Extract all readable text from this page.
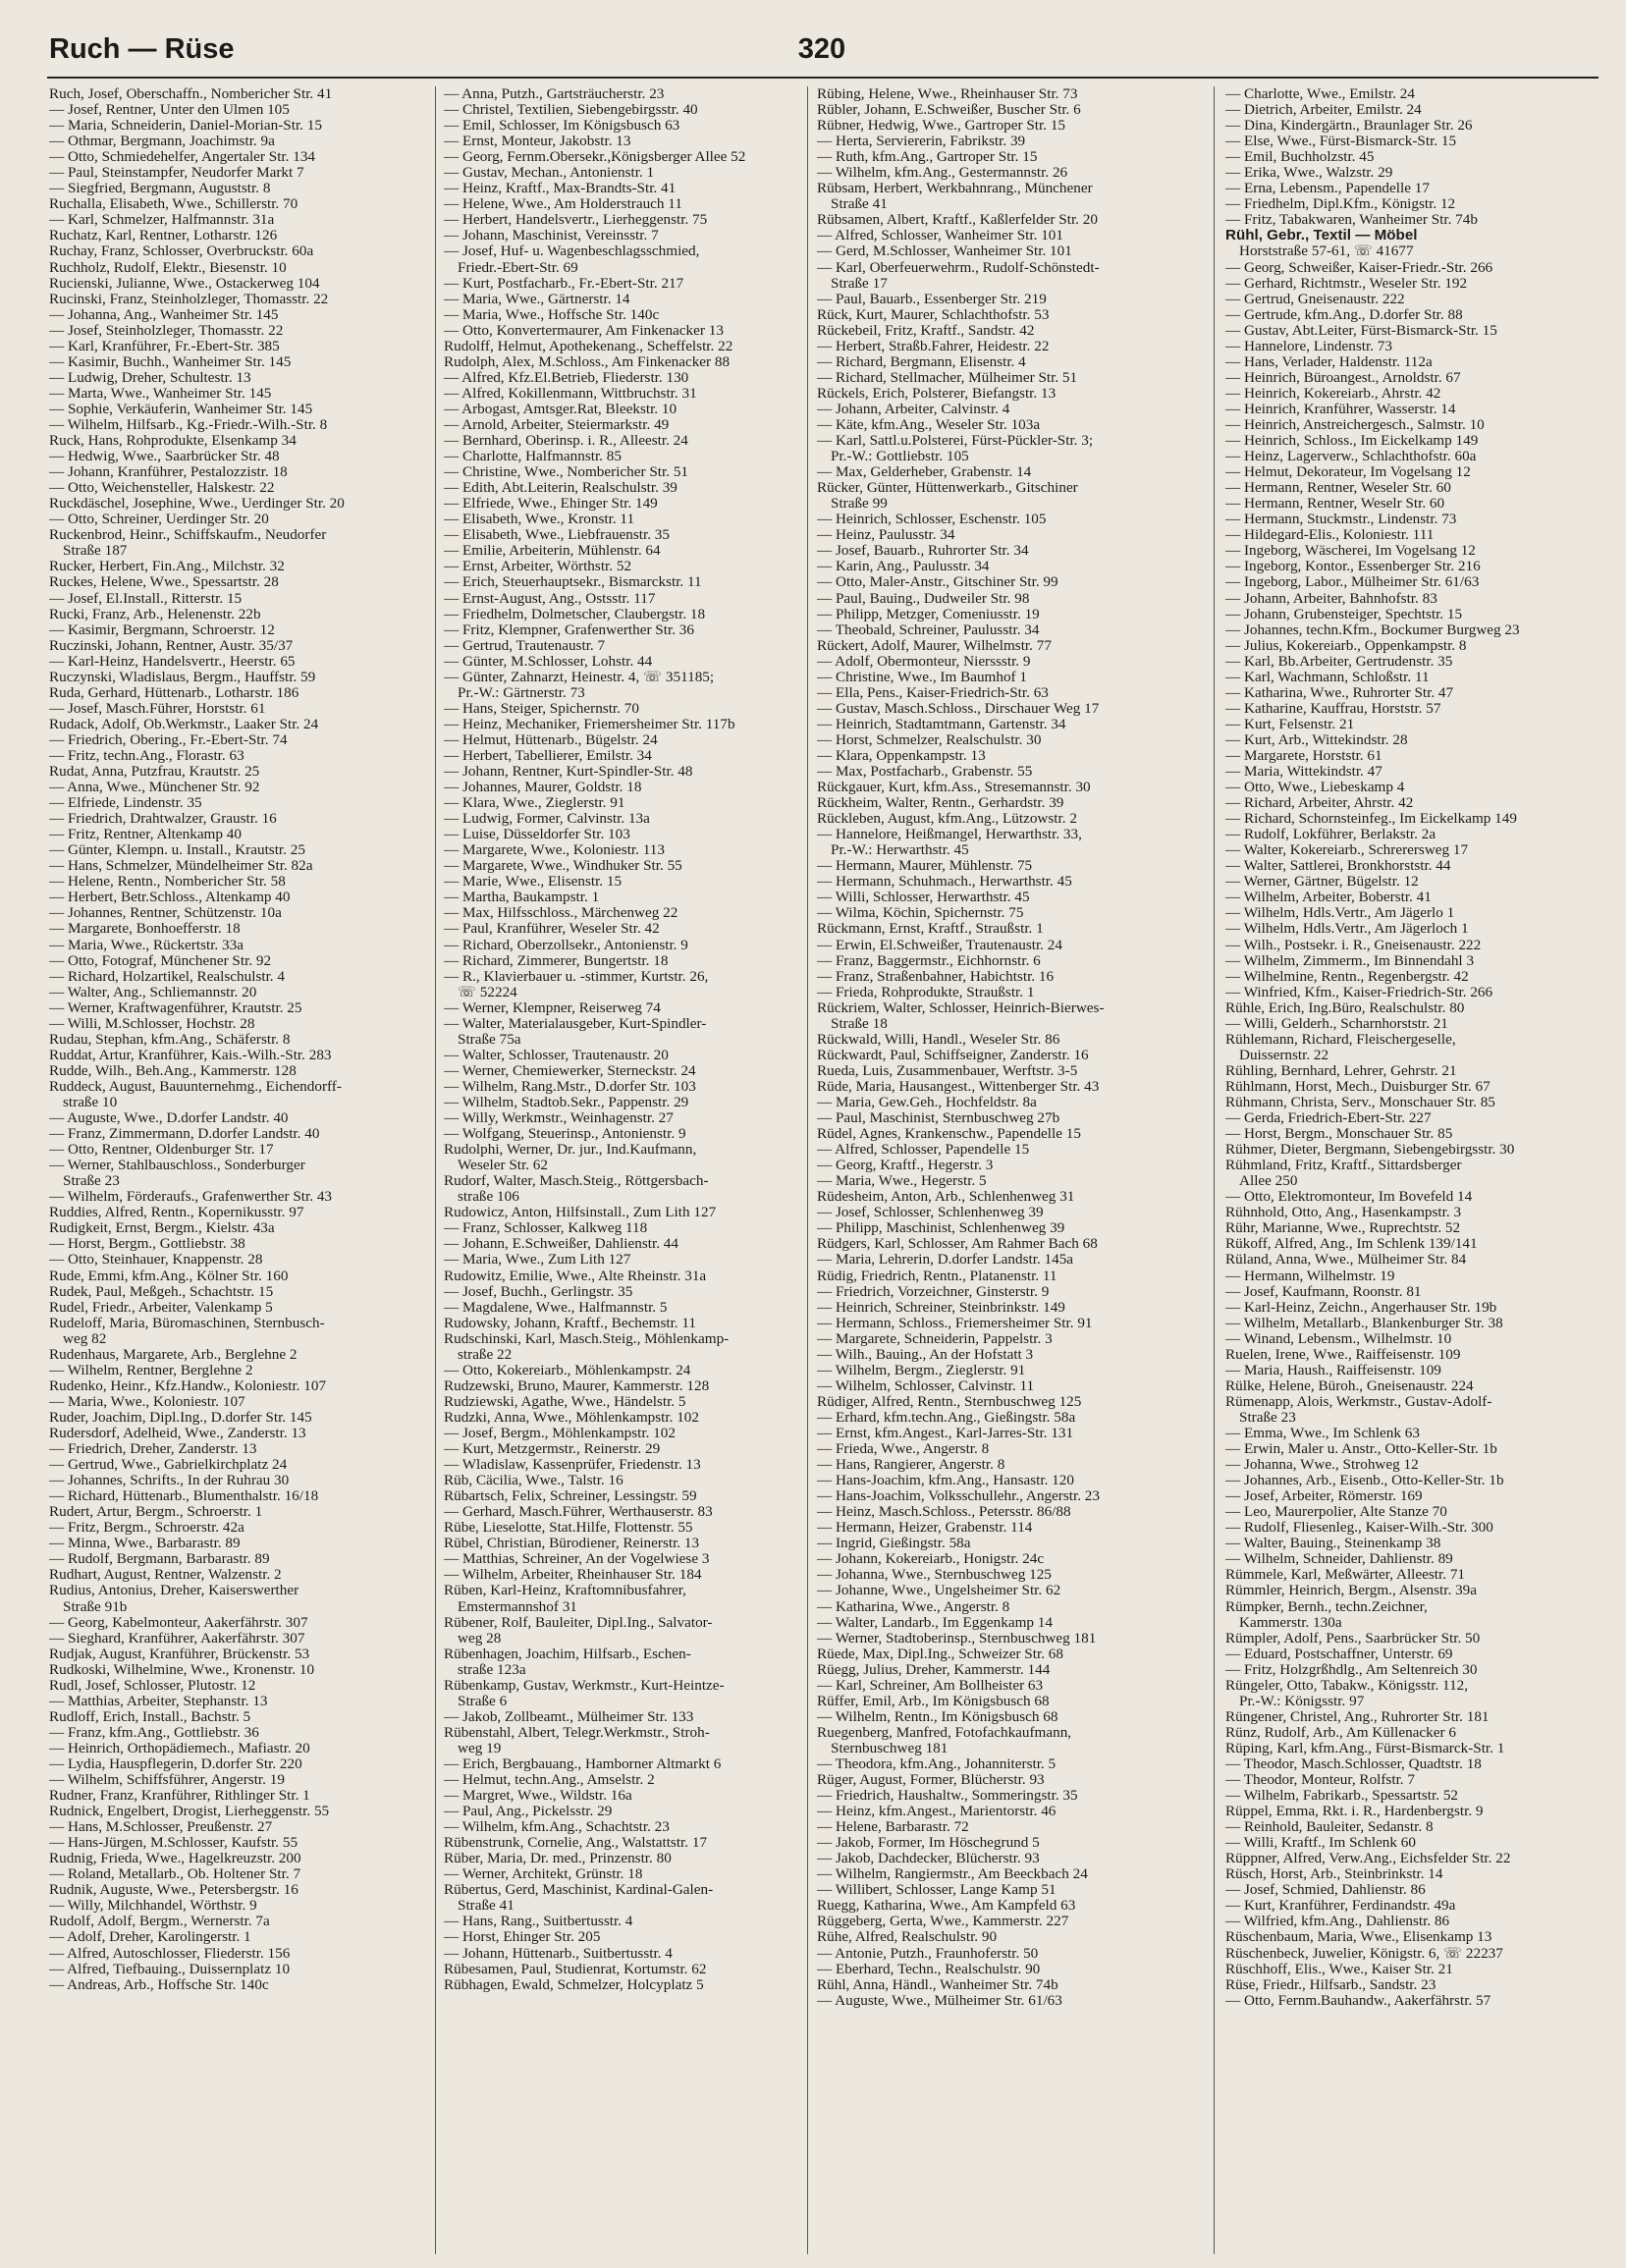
Ruch — Rüse	320
Ruch, Josef, Oberschaffn., Nombericher Str. 41
— Josef, Rentner, Unter den Ulmen 105
— Maria, Schneiderin, Daniel-Morian-Str. 15
— Othmar, Bergmann, Joachimstr. 9a
— Otto, Schmiedehelfer, Angertaler Str. 134
— Paul, Steinstampfer, Neudorfer Markt 7
— Siegfried, Bergmann, Auguststr. 8
Ruchalla, Elisabeth, Wwe., Schillerstr. 70
— Karl, Schmelzer, Halfmannstr. 31a
Ruchatz, Karl, Rentner, Lotharstr. 126
Ruchay, Franz, Schlosser, Overbruckstr. 60a
Ruchholz, Rudolf, Elektr., Biesenstr. 10
Rucienski, Julianne, Wwe., Ostackerweg 104
Rucinski, Franz, Steinholzleger, Thomasstr. 22
— Johanna, Ang., Wanheimer Str. 145
— Josef, Steinholzleger, Thomasstr. 22
— Karl, Kranführer, Fr.-Ebert-Str. 385
— Kasimir, Buchh., Wanheimer Str. 145
— Ludwig, Dreher, Schultestr. 13
— Marta, Wwe., Wanheimer Str. 145
— Sophie, Verkäuferin, Wanheimer Str. 145
— Wilhelm, Hilfsarb., Kg.-Friedr.-Wilh.-Str. 8
Ruck, Hans, Rohprodukte, Elsenkamp 34
— Hedwig, Wwe., Saarbrücker Str. 48
— Johann, Kranführer, Pestalozzistr. 18
— Otto, Weichensteller, Halskestr. 22
Ruckdäschel, Josephine, Wwe., Uerdinger Str. 20
— Otto, Schreiner, Uerdinger Str. 20
Ruckenbrod, Heinr., Schiffskaufm., Neudorfer
Straße 187
Rucker, Herbert, Fin.Ang., Milchstr. 32
Ruckes, Helene, Wwe., Spessartstr. 28
— Josef, El.Install., Ritterstr. 15
Rucki, Franz, Arb., Helenenstr. 22b
— Kasimir, Bergmann, Schroerstr. 12
Ruczinski, Johann, Rentner, Austr. 35/37
— Karl-Heinz, Handelsvertr., Heerstr. 65
Ruczynski, Wladislaus, Bergm., Hauffstr. 59
Ruda, Gerhard, Hüttenarb., Lotharstr. 186
— Josef, Masch.Führer, Horststr. 61
Rudack, Adolf, Ob.Werkmstr., Laaker Str. 24
— Friedrich, Obering., Fr.-Ebert-Str. 74
— Fritz, techn.Ang., Florastr. 63
Rudat, Anna, Putzfrau, Krautstr. 25
— Anna, Wwe., Münchener Str. 92
— Elfriede, Lindenstr. 35
— Friedrich, Drahtwalzer, Graustr. 16
— Fritz, Rentner, Altenkamp 40
— Günter, Klempn. u. Install., Krautstr. 25
— Hans, Schmelzer, Mündelheimer Str. 82a
— Helene, Rentn., Nombericher Str. 58
— Herbert, Betr.Schloss., Altenkamp 40
— Johannes, Rentner, Schützenstr. 10a
— Margarete, Bonhoefferstr. 18
— Maria, Wwe., Rückertstr. 33a
— Otto, Fotograf, Münchener Str. 92
— Richard, Holzartikel, Realschulstr. 4
— Walter, Ang., Schliemannstr. 20
— Werner, Kraftwagenführer, Krautstr. 25
— Willi, M.Schlosser, Hochstr. 28
Rudau, Stephan, kfm.Ang., Schäferstr. 8
Ruddat, Artur, Kranführer, Kais.-Wilh.-Str. 283
Rudde, Wilh., Beh.Ang., Kammerstr. 128
Ruddeck, August, Bauunternehmg., Eichendorff-
straße 10
— Auguste, Wwe., D.dorfer Landstr. 40
— Franz, Zimmermann, D.dorfer Landstr. 40
— Otto, Rentner, Oldenburger Str. 17
— Werner, Stahlbauschloss., Sonderburger
Straße 23
— Wilhelm, Förderaufs., Grafenwerther Str. 43
Ruddies, Alfred, Rentn., Kopernikusstr. 97
Rudigkeit, Ernst, Bergm., Kielstr. 43a
— Horst, Bergm., Gottliebstr. 38
— Otto, Steinhauer, Knappenstr. 28
Rude, Emmi, kfm.Ang., Kölner Str. 160
Rudek, Paul, Meßgeh., Schachtstr. 15
Rudel, Friedr., Arbeiter, Valenkamp 5
Rudeloff, Maria, Büromaschinen, Sternbusch-
weg 82
Rudenhaus, Margarete, Arb., Berglehne 2
— Wilhelm, Rentner, Berglehne 2
Rudenko, Heinr., Kfz.Handw., Koloniestr. 107
— Maria, Wwe., Koloniestr. 107
Ruder, Joachim, Dipl.Ing., D.dorfer Str. 145
Rudersdorf, Adelheid, Wwe., Zanderstr. 13
— Friedrich, Dreher, Zanderstr. 13
— Gertrud, Wwe., Gabrielkirchplatz 24
— Johannes, Schrifts., In der Ruhrau 30
— Richard, Hüttenarb., Blumenthalstr. 16/18
Rudert, Artur, Bergm., Schroerstr. 1
— Fritz, Bergm., Schroerstr. 42a
— Minna, Wwe., Barbarastr. 89
— Rudolf, Bergmann, Barbarastr. 89
Rudhart, August, Rentner, Walzenstr. 2
Rudius, Antonius, Dreher, Kaiserswerther
Straße 91b
— Georg, Kabelmonteur, Aakerfährstr. 307
— Sieghard, Kranführer, Aakerfährstr. 307
Rudjak, August, Kranführer, Brückenstr. 53
Rudkoski, Wilhelmine, Wwe., Kronenstr. 10
Rudl, Josef, Schlosser, Plutostr. 12
— Matthias, Arbeiter, Stephanstr. 13
Rudloff, Erich, Install., Bachstr. 5
— Franz, kfm.Ang., Gottliebstr. 36
— Heinrich, Orthopädiemech., Mafiastr. 20
— Lydia, Hauspflegerin, D.dorfer Str. 220
— Wilhelm, Schiffsführer, Angerstr. 19
Rudner, Franz, Kranführer, Rithlinger Str. 1
Rudnick, Engelbert, Drogist, Lierheggenstr. 55
— Hans, M.Schlosser, Preußenstr. 27
— Hans-Jürgen, M.Schlosser, Kaufstr. 55
Rudnig, Frieda, Wwe., Hagelkreuzstr. 200
— Roland, Metallarb., Ob. Holtener Str. 7
Rudnik, Auguste, Wwe., Petersbergstr. 16
— Willy, Milchhandel, Wörthstr. 9
Rudolf, Adolf, Bergm., Wernerstr. 7a
— Adolf, Dreher, Karolingerstr. 1
— Alfred, Autoschlosser, Fliederstr. 156
— Alfred, Tiefbauing., Duissernplatz 10
— Andreas, Arb., Hoffsche Str. 140c
— Anna, Putzh., Gartsträucherstr. 23
— Christel, Textilien, Siebengebirgsstr. 40
— Emil, Schlosser, Im Königsbusch 63
— Ernst, Monteur, Jakobstr. 13
— Georg, Fernm.Obersekr.,Königsberger Allee 52
— Gustav, Mechan., Antonienstr. 1
— Heinz, Kraftf., Max-Brandts-Str. 41
— Helene, Wwe., Am Holderstrauch 11
— Herbert, Handelsvertr., Lierheggenstr. 75
— Johann, Maschinist, Vereinsstr. 7
— Josef, Huf- u. Wagenbeschlagsschmied,
Friedr.-Ebert-Str. 69
— Kurt, Postfacharb., Fr.-Ebert-Str. 217
— Maria, Wwe., Gärtnerstr. 14
— Maria, Wwe., Hoffsche Str. 140c
— Otto, Konvertermaurer, Am Finkenacker 13
Rudolff, Helmut, Apothekenang., Scheffelstr. 22
Rudolph, Alex, M.Schloss., Am Finkenacker 88
— Alfred, Kfz.El.Betrieb, Fliederstr. 130
— Alfred, Kokillenmann, Wittbruchstr. 31
— Arbogast, Amtsger.Rat, Bleekstr. 10
— Arnold, Arbeiter, Steiermarkstr. 49
— Bernhard, Oberinsp. i. R., Alleestr. 24
— Charlotte, Halfmannstr. 85
— Christine, Wwe., Nombericher Str. 51
— Edith, Abt.Leiterin, Realschulstr. 39
— Elfriede, Wwe., Ehinger Str. 149
— Elisabeth, Wwe., Kronstr. 11
— Elisabeth, Wwe., Liebfrauenstr. 35
— Emilie, Arbeiterin, Mühlenstr. 64
— Ernst, Arbeiter, Wörthstr. 52
— Erich, Steuerhauptsekr., Bismarckstr. 11
— Ernst-August, Ang., Ostsstr. 117
— Friedhelm, Dolmetscher, Claubergstr. 18
— Fritz, Klempner, Grafenwerther Str. 36
— Gertrud, Trautenaustr. 7
— Günter, M.Schlosser, Lohstr. 44
— Günter, Zahnarzt, Heinestr. 4, ☏ 351185;
Pr.-W.: Gärtnerstr. 73
— Hans, Steiger, Spichernstr. 70
— Heinz, Mechaniker, Friemersheimer Str. 117b
— Helmut, Hüttenarb., Bügelstr. 24
— Herbert, Tabellierer, Emilstr. 34
— Johann, Rentner, Kurt-Spindler-Str. 48
— Johannes, Maurer, Goldstr. 18
— Klara, Wwe., Zieglerstr. 91
— Ludwig, Former, Calvinstr. 13a
— Luise, Düsseldorfer Str. 103
— Margarete, Wwe., Koloniestr. 113
— Margarete, Wwe., Windhuker Str. 55
— Marie, Wwe., Elisenstr. 15
— Martha, Baukampstr. 1
— Max, Hilfsschloss., Märchenweg 22
— Paul, Kranführer, Weseler Str. 42
— Richard, Oberzollsekr., Antonienstr. 9
— Richard, Zimmerer, Bungertstr. 18
— R., Klavierbauer u. -stimmer, Kurtstr. 26,
☏ 52224
— Werner, Klempner, Reiserweg 74
— Walter, Materialausgeber, Kurt-Spindler-
Straße 75a
— Walter, Schlosser, Trautenaustr. 20
— Werner, Chemiewerker, Sterneckstr. 24
— Wilhelm, Rang.Mstr., D.dorfer Str. 103
— Wilhelm, Stadtob.Sekr., Pappenstr. 29
— Willy, Werkmstr., Weinhagenstr. 27
— Wolfgang, Steuerinsp., Antonienstr. 9
Rudolphi, Werner, Dr. jur., Ind.Kaufmann,
Weseler Str. 62
Rudorf, Walter, Masch.Steig., Röttgersbach-
straße 106
Rudowicz, Anton, Hilfsinstall., Zum Lith 127
— Franz, Schlosser, Kalkweg 118
— Johann, E.Schweißer, Dahlienstr. 44
— Maria, Wwe., Zum Lith 127
Rudowitz, Emilie, Wwe., Alte Rheinstr. 31a
— Josef, Buchh., Gerlingstr. 35
— Magdalene, Wwe., Halfmannstr. 5
Rudowsky, Johann, Kraftf., Bechemstr. 11
Rudschinski, Karl, Masch.Steig., Möhlenkamp-
straße 22
— Otto, Kokereiarb., Möhlenkampstr. 24
Rudzewski, Bruno, Maurer, Kammerstr. 128
Rudziewski, Agathe, Wwe., Händelstr. 5
Rudzki, Anna, Wwe., Möhlenkampstr. 102
— Josef, Bergm., Möhlenkampstr. 102
— Kurt, Metzgermstr., Reinerstr. 29
— Wladislaw, Kassenprüfer, Friedenstr. 13
Rüb, Cäcilia, Wwe., Talstr. 16
Rübartsch, Felix, Schreiner, Lessingstr. 59
— Gerhard, Masch.Führer, Werthauserstr. 83
Rübe, Lieselotte, Stat.Hilfe, Flottenstr. 55
Rübel, Christian, Bürodiener, Reinerstr. 13
— Matthias, Schreiner, An der Vogelwiese 3
— Wilhelm, Arbeiter, Rheinhauser Str. 184
Rüben, Karl-Heinz, Kraftomnibusfahrer,
Emstermannshof 31
Rübener, Rolf, Bauleiter, Dipl.Ing., Salvator-
weg 28
Rübenhagen, Joachim, Hilfsarb., Eschen-
straße 123a
Rübenkamp, Gustav, Werkmstr., Kurt-Heintze-
Straße 6
— Jakob, Zollbeamt., Mülheimer Str. 133
Rübenstahl, Albert, Telegr.Werkmstr., Stroh-
weg 19
— Erich, Bergbauang., Hamborner Altmarkt 6
— Helmut, techn.Ang., Amselstr. 2
— Margret, Wwe., Wildstr. 16a
— Paul, Ang., Pickelsstr. 29
— Wilhelm, kfm.Ang., Schachtstr. 23
Rübenstrunk, Cornelie, Ang., Walstattstr. 17
Rüber, Maria, Dr. med., Prinzenstr. 80
— Werner, Architekt, Grünstr. 18
Rübertus, Gerd, Maschinist, Kardinal-Galen-
Straße 41
— Hans, Rang., Suitbertusstr. 4
— Horst, Ehinger Str. 205
— Johann, Hüttenarb., Suitbertusstr. 4
Rübesamen, Paul, Studienrat, Kortumstr. 62
Rübhagen, Ewald, Schmelzer, Holcyplatz 5
Rübing, Helene, Wwe., Rheinhauser Str. 73
Rübler, Johann, E.Schweißer, Buscher Str. 6
Rübner, Hedwig, Wwe., Gartroper Str. 15
— Herta, Serviererin, Fabrikstr. 39
— Ruth, kfm.Ang., Gartroper Str. 15
— Wilhelm, kfm.Ang., Gestermannstr. 26
Rübsam, Herbert, Werkbahnrang., Münchener
Straße 41
Rübsamen, Albert, Kraftf., Kaßlerfelder Str. 20
— Alfred, Schlosser, Wanheimer Str. 101
— Gerd, M.Schlosser, Wanheimer Str. 101
— Karl, Oberfeuerwehrm., Rudolf-Schönstedt-
Straße 17
— Paul, Bauarb., Essenberger Str. 219
Rück, Kurt, Maurer, Schlachthofstr. 53
Rückebeil, Fritz, Kraftf., Sandstr. 42
— Herbert, Straßb.Fahrer, Heidestr. 22
— Richard, Bergmann, Elisenstr. 4
— Richard, Stellmacher, Mülheimer Str. 51
Rückels, Erich, Polsterer, Biefangstr. 13
— Johann, Arbeiter, Calvinstr. 4
— Käte, kfm.Ang., Weseler Str. 103a
— Karl, Sattl.u.Polsterei, Fürst-Pückler-Str. 3;
Pr.-W.: Gottliebstr. 105
— Max, Gelderheber, Grabenstr. 14
Rücker, Günter, Hüttenwerkarb., Gitschiner
Straße 99
— Heinrich, Schlosser, Eschenstr. 105
— Heinz, Paulusstr. 34
— Josef, Bauarb., Ruhrorter Str. 34
— Karin, Ang., Paulusstr. 34
— Otto, Maler-Anstr., Gitschiner Str. 99
— Paul, Bauing., Dudweiler Str. 98
— Philipp, Metzger, Comeniusstr. 19
— Theobald, Schreiner, Paulusstr. 34
Rückert, Adolf, Maurer, Wilhelmstr. 77
— Adolf, Obermonteur, Nierssstr. 9
— Christine, Wwe., Im Baumhof 1
— Ella, Pens., Kaiser-Friedrich-Str. 63
— Gustav, Masch.Schloss., Dirschauer Weg 17
— Heinrich, Stadtamtmann, Gartenstr. 34
— Horst, Schmelzer, Realschulstr. 30
— Klara, Oppenkampstr. 13
— Max, Postfacharb., Grabenstr. 55
Rückgauer, Kurt, kfm.Ass., Stresemannstr. 30
Rückheim, Walter, Rentn., Gerhardstr. 39
Rückleben, August, kfm.Ang., Lützowstr. 2
— Hannelore, Heißmangel, Herwarthstr. 33,
Pr.-W.: Herwarthstr. 45
— Hermann, Maurer, Mühlenstr. 75
— Hermann, Schuhmach., Herwarthstr. 45
— Willi, Schlosser, Herwarthstr. 45
— Wilma, Köchin, Spichernstr. 75
Rückmann, Ernst, Kraftf., Straußstr. 1
— Erwin, El.Schweißer, Trautenaustr. 24
— Franz, Baggermstr., Eichhornstr. 6
— Franz, Straßenbahner, Habichtstr. 16
— Frieda, Rohprodukte, Straußstr. 1
Rückriem, Walter, Schlosser, Heinrich-Bierwes-
Straße 18
Rückwald, Willi, Handl., Weseler Str. 86
Rückwardt, Paul, Schiffseigner, Zanderstr. 16
Rueda, Luis, Zusammenbauer, Werftstr. 3-5
Rüde, Maria, Hausangest., Wittenberger Str. 43
— Maria, Gew.Geh., Hochfeldstr. 8a
— Paul, Maschinist, Sternbuschweg 27b
Rüdel, Agnes, Krankenschw., Papendelle 15
— Alfred, Schlosser, Papendelle 15
— Georg, Kraftf., Hegerstr. 3
— Maria, Wwe., Hegerstr. 5
Rüdesheim, Anton, Arb., Schlenhenweg 31
— Josef, Schlosser, Schlenhenweg 39
— Philipp, Maschinist, Schlenhenweg 39
Rüdgers, Karl, Schlosser, Am Rahmer Bach 68
— Maria, Lehrerin, D.dorfer Landstr. 145a
Rüdig, Friedrich, Rentn., Platanenstr. 11
— Friedrich, Vorzeichner, Ginsterstr. 9
— Heinrich, Schreiner, Steinbrinkstr. 149
— Hermann, Schloss., Friemersheimer Str. 91
— Margarete, Schneiderin, Pappelstr. 3
— Wilh., Bauing., An der Hofstatt 3
— Wilhelm, Bergm., Zieglerstr. 91
— Wilhelm, Schlosser, Calvinstr. 11
Rüdiger, Alfred, Rentn., Sternbuschweg 125
— Erhard, kfm.techn.Ang., Gießingstr. 58a
— Ernst, kfm.Angest., Karl-Jarres-Str. 131
— Frieda, Wwe., Angerstr. 8
— Hans, Rangierer, Angerstr. 8
— Hans-Joachim, kfm.Ang., Hansastr. 120
— Hans-Joachim, Volksschullehr., Angerstr. 23
— Heinz, Masch.Schloss., Petersstr. 86/88
— Hermann, Heizer, Grabenstr. 114
— Ingrid, Gießingstr. 58a
— Johann, Kokereiarb., Honigstr. 24c
— Johanna, Wwe., Sternbuschweg 125
— Johanne, Wwe., Ungelsheimer Str. 62
— Katharina, Wwe., Angerstr. 8
— Walter, Landarb., Im Eggenkamp 14
— Werner, Stadtoberinsp., Sternbuschweg 181
Rüede, Max, Dipl.Ing., Schweizer Str. 68
Rüegg, Julius, Dreher, Kammerstr. 144
— Karl, Schreiner, Am Bollheister 63
Rüffer, Emil, Arb., Im Königsbusch 68
— Wilhelm, Rentn., Im Königsbusch 68
Ruegenberg, Manfred, Fotofachkaufmann,
Sternbuschweg 181
— Theodora, kfm.Ang., Johanniterstr. 5
Rüger, August, Former, Blücherstr. 93
— Friedrich, Haushaltw., Sommeringstr. 35
— Heinz, kfm.Angest., Marientorstr. 46
— Helene, Barbarastr. 72
— Jakob, Former, Im Höschegrund 5
— Jakob, Dachdecker, Blücherstr. 93
— Wilhelm, Rangiermstr., Am Beeckbach 24
— Willibert, Schlosser, Lange Kamp 51
Ruegg, Katharina, Wwe., Am Kampfeld 63
Rüggeberg, Gerta, Wwe., Kammerstr. 227
Rühe, Alfred, Realschulstr. 90
— Antonie, Putzh., Fraunhoferstr. 50
— Eberhard, Techn., Realschulstr. 90
Rühl, Anna, Händl., Wanheimer Str. 74b
— Auguste, Wwe., Mülheimer Str. 61/63
— Charlotte, Wwe., Emilstr. 24
— Dietrich, Arbeiter, Emilstr. 24
— Dina, Kindergärtn., Braunlager Str. 26
— Else, Wwe., Fürst-Bismarck-Str. 15
— Emil, Buchholzstr. 45
— Erika, Wwe., Walzstr. 29
— Erna, Lebensm., Papendelle 17
— Friedhelm, Dipl.Kfm., Königstr. 12
— Fritz, Tabakwaren, Wanheimer Str. 74b
Rühl, Gebr., Textil — Möbel
Horststraße 57-61, ☏ 41677
— Georg, Schweißer, Kaiser-Friedr.-Str. 266
— Gerhard, Richtmstr., Weseler Str. 192
— Gertrud, Gneisenaustr. 222
— Gertrude, kfm.Ang., D.dorfer Str. 88
— Gustav, Abt.Leiter, Fürst-Bismarck-Str. 15
— Hannelore, Lindenstr. 73
— Hans, Verlader, Haldenstr. 112a
— Heinrich, Büroangest., Arnoldstr. 67
— Heinrich, Kokereiarb., Ahrstr. 42
— Heinrich, Kranführer, Wasserstr. 14
— Heinrich, Anstreichergesch., Salmstr. 10
— Heinrich, Schloss., Im Eickelkamp 149
— Heinz, Lagerverw., Schlachthofstr. 60a
— Helmut, Dekorateur, Im Vogelsang 12
— Hermann, Rentner, Weseler Str. 60
— Hermann, Rentner, Weselr Str. 60
— Hermann, Stuckmstr., Lindenstr. 73
— Hildegard-Elis., Koloniestr. 111
— Ingeborg, Wäscherei, Im Vogelsang 12
— Ingeborg, Kontor., Essenberger Str. 216
— Ingeborg, Labor., Mülheimer Str. 61/63
— Johann, Arbeiter, Bahnhofstr. 83
— Johann, Grubensteiger, Spechtstr. 15
— Johannes, techn.Kfm., Bockumer Burgweg 23
— Julius, Kokereiarb., Oppenkampstr. 8
— Karl, Bb.Arbeiter, Gertrudenstr. 35
— Karl, Wachmann, Schloßstr. 11
— Katharina, Wwe., Ruhrorter Str. 47
— Katharine, Kauffrau, Horststr. 57
— Kurt, Felsenstr. 21
— Kurt, Arb., Wittekindstr. 28
— Margarete, Horststr. 61
— Maria, Wittekindstr. 47
— Otto, Wwe., Liebeskamp 4
— Richard, Arbeiter, Ahrstr. 42
— Richard, Schornsteinfeg., Im Eickelkamp 149
— Rudolf, Lokführer, Berlakstr. 2a
— Walter, Kokereiarb., Schrerersweg 17
— Walter, Sattlerei, Bronkhorststr. 44
— Werner, Gärtner, Bügelstr. 12
— Wilhelm, Arbeiter, Boberstr. 41
— Wilhelm, Hdls.Vertr., Am Jägerlo 1
— Wilhelm, Hdls.Vertr., Am Jägerloch 1
— Wilh., Postsekr. i. R., Gneisenaustr. 222
— Wilhelm, Zimmerm., Im Binnendahl 3
— Wilhelmine, Rentn., Regenbergstr. 42
— Winfried, Kfm., Kaiser-Friedrich-Str. 266
Rühle, Erich, Ing.Büro, Realschulstr. 80
— Willi, Gelderh., Scharnhorststr. 21
Rühlemann, Richard, Fleischergeselle,
Duissernstr. 22
Rühling, Bernhard, Lehrer, Gehrstr. 21
Rühlmann, Horst, Mech., Duisburger Str. 67
Rühmann, Christa, Serv., Monschauer Str. 85
— Gerda, Friedrich-Ebert-Str. 227
— Horst, Bergm., Monschauer Str. 85
Rühmer, Dieter, Bergmann, Siebengebirgsstr. 30
Rühmland, Fritz, Kraftf., Sittardsberger
Allee 250
— Otto, Elektromonteur, Im Bovefeld 14
Rühnhold, Otto, Ang., Hasenkampstr. 3
Rühr, Marianne, Wwe., Ruprechtstr. 52
Rükoff, Alfred, Ang., Im Schlenk 139/141
Rüland, Anna, Wwe., Mülheimer Str. 84
— Hermann, Wilhelmstr. 19
— Josef, Kaufmann, Roonstr. 81
— Karl-Heinz, Zeichn., Angerhauser Str. 19b
— Wilhelm, Metallarb., Blankenburger Str. 38
— Winand, Lebensm., Wilhelmstr. 10
Ruelen, Irene, Wwe., Raiffeisenstr. 109
— Maria, Haush., Raiffeisenstr. 109
Rülke, Helene, Büroh., Gneisenaustr. 224
Rümenapp, Alois, Werkmstr., Gustav-Adolf-
Straße 23
— Emma, Wwe., Im Schlenk 63
— Erwin, Maler u. Anstr., Otto-Keller-Str. 1b
— Johanna, Wwe., Strohweg 12
— Johannes, Arb., Eisenb., Otto-Keller-Str. 1b
— Josef, Arbeiter, Römerstr. 169
— Leo, Maurerpolier, Alte Stanze 70
— Rudolf, Fliesenleg., Kaiser-Wilh.-Str. 300
— Walter, Bauing., Steinenkamp 38
— Wilhelm, Schneider, Dahlienstr. 89
Rümmele, Karl, Meßwärter, Alleestr. 71
Rümmler, Heinrich, Bergm., Alsenstr. 39a
Rümpker, Bernh., techn.Zeichner,
Kammerstr. 130a
Rümpler, Adolf, Pens., Saarbrücker Str. 50
— Eduard, Postschaffner, Unterstr. 69
— Fritz, Holzgrßhdlg., Am Seltenreich 30
Rüngeler, Otto, Tabakw., Königsstr. 112,
Pr.-W.: Königsstr. 97
Rüngener, Christel, Ang., Ruhrorter Str. 181
Rünz, Rudolf, Arb., Am Küllenacker 6
Rüping, Karl, kfm.Ang., Fürst-Bismarck-Str. 1
— Theodor, Masch.Schlosser, Quadtstr. 18
— Theodor, Monteur, Rolfstr. 7
— Wilhelm, Fabrikarb., Spessartstr. 52
Rüppel, Emma, Rkt. i. R., Hardenbergstr. 9
— Reinhold, Bauleiter, Sedanstr. 8
— Willi, Kraftf., Im Schlenk 60
Rüppner, Alfred, Verw.Ang., Eichsfelder Str. 22
Rüsch, Horst, Arb., Steinbrinkstr. 14
— Josef, Schmied, Dahlienstr. 86
— Kurt, Kranführer, Ferdinandstr. 49a
— Wilfried, kfm.Ang., Dahlienstr. 86
Rüschenbaum, Maria, Wwe., Elisenkamp 13
Rüschenbeck, Juwelier, Königstr. 6, ☏ 22237
Rüschhoff, Elis., Wwe., Kaiser Str. 21
Rüse, Friedr., Hilfsarb., Sandstr. 23
— Otto, Fernm.Bauhandw., Aakerfährstr. 57
